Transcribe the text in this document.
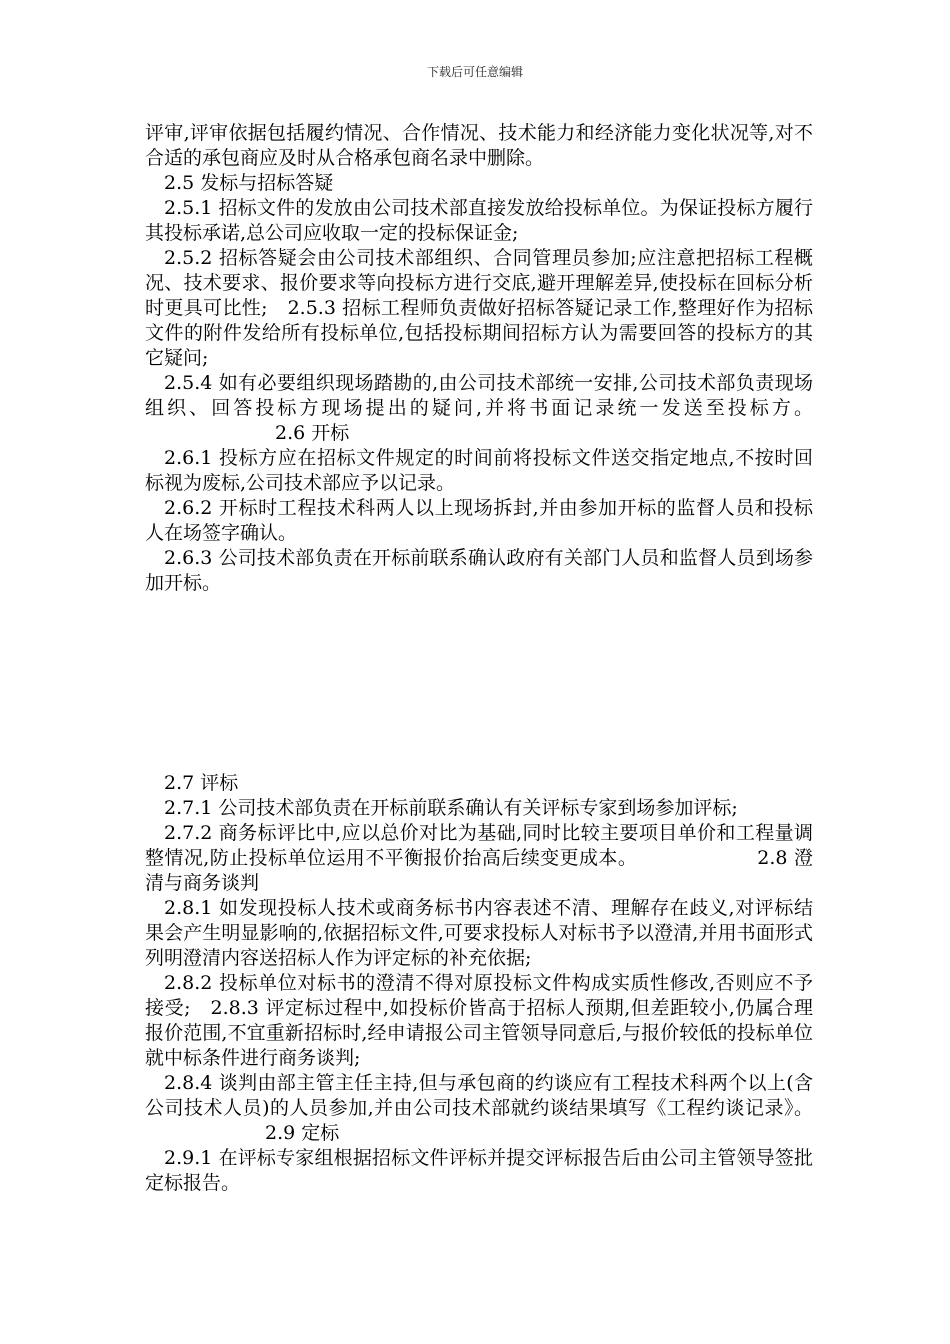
下载后可任意编辑

评审,评审依据包括履约情况、合作情况、技术能力和经济能力变化状况等,对不合适的承包商应及时从合格承包商名录中删除。

2.5 发标与招标答疑

2.5.1 招标文件的发放由公司技术部直接发放给投标单位。为保证投标方履行其投标承诺,总公司应收取一定的投标保证金;

2.5.2 招标答疑会由公司技术部组织、合同管理员参加;应注意把招标工程概况、技术要求、报价要求等向投标方进行交底,避开理解差异,使投标在回标分析时更具可比性; 2.5.3 招标工程师负责做好招标答疑记录工作,整理好作为招标文件的附件发给所有投标单位,包括投标期间招标方认为需要回答的投标方的其它疑问;

2.5.4 如有必要组织现场踏勘的,由公司技术部统一安排,公司技术部负责现场组织、回答投标方现场提出的疑问,并将书面记录统一发送至投标方。2.6 开标

2.6.1 投标方应在招标文件规定的时间前将投标文件送交指定地点,不按时回标视为废标,公司技术部应予以记录。

2.6.2 开标时工程技术科两人以上现场拆封,并由参加开标的监督人员和投标人在场签字确认。

2.6.3 公司技术部负责在开标前联系确认政府有关部门人员和监督人员到场参加开标。

2.7 评标

2.7.1 公司技术部负责在开标前联系确认有关评标专家到场参加评标;

2.7.2 商务标评比中,应以总价对比为基础,同时比较主要项目单价和工程量调整情况,防止投标单位运用不平衡报价抬高后续变更成本。	2.8 澄清与商务谈判

2.8.1 如发现投标人技术或商务标书内容表述不清、理解存在歧义,对评标结果会产生明显影响的,依据招标文件,可要求投标人对标书予以澄清,并用书面形式列明澄清内容送招标人作为评定标的补充依据;

2.8.2 投标单位对标书的澄清不得对原投标文件构成实质性修改,否则应不予接受; 2.8.3 评定标过程中,如投标价皆高于招标人预期,但差距较小,仍属合理报价范围,不宜重新招标时,经申请报公司主管领导同意后,与报价较低的投标单位就中标条件进行商务谈判;

2.8.4 谈判由部主管主任主持,但与承包商的约谈应有工程技术科两个以上(含公司技术人员)的人员参加,并由公司技术部就约谈结果填写《工程约谈记录》。2.9 定标

2.9.1 在评标专家组根据招标文件评标并提交评标报告后由公司主管领导签批定标报告。
